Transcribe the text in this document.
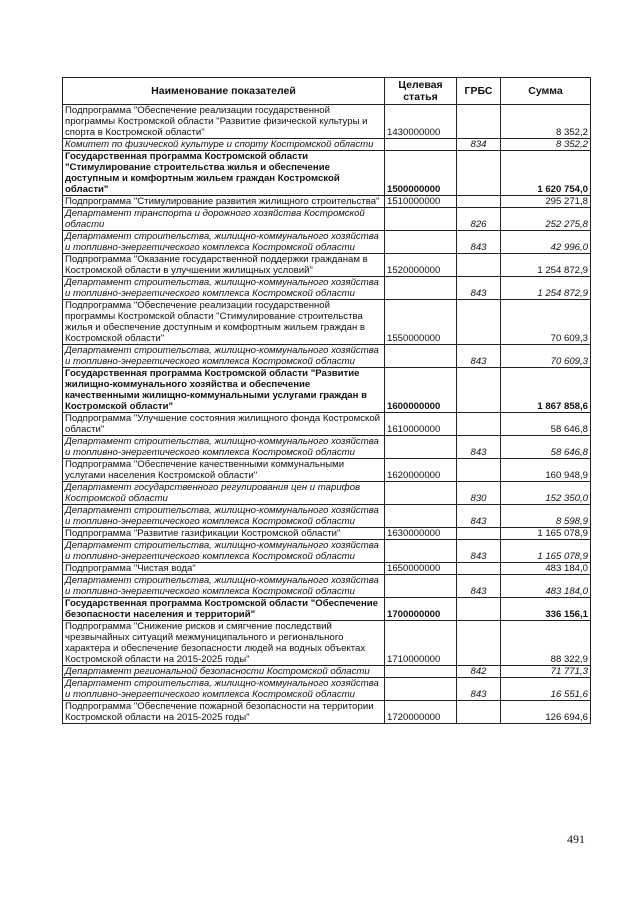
Наименование показателей	Целевая статья	ГРБС	Сумма
Подпрограмма "Обеспечение реализации государственной программы Костромской области "Развитие физической культуры и спорта в Костромской области"	1430000000		8 352,2
Комитет по физической культуре и спорту Костромской области		834	8 352,2
Государственная программа Костромской области "Стимулирование строительства жилья и обеспечение доступным и комфортным жильем граждан Костромской области"	1500000000		1 620 754,0
Подпрограмма "Стимулирование развития жилищного строительства"	1510000000		295 271,8
Департамент транспорта и дорожного хозяйства Костромской области		826	252 275,8
Департамент строительства, жилищно-коммунального хозяйства и топливно-энергетического комплекса Костромской области		843	42 996,0
Подпрограмма "Оказание государственной поддержки гражданам в Костромской области в улучшении жилищных условий"	1520000000		1 254 872,9
Департамент строительства, жилищно-коммунального хозяйства и топливно-энергетического комплекса Костромской области		843	1 254 872,9
Подпрограмма "Обеспечение реализации государственной программы Костромской области "Стимулирование строительства жилья и обеспечение доступным и комфортным жильем граждан в Костромской области"	1550000000		70 609,3
Департамент строительства, жилищно-коммунального хозяйства и топливно-энергетического комплекса Костромской области		843	70 609,3
Государственная программа Костромской области "Развитие жилищно-коммунального хозяйства и обеспечение качественными жилищно-коммунальными услугами граждан в Костромской области"	1600000000		1 867 858,6
Подпрограмма "Улучшение состояния жилищного фонда Костромской области"	1610000000		58 646,8
Департамент строительства, жилищно-коммунального хозяйства и топливно-энергетического комплекса Костромской области		843	58 646,8
Подпрограмма "Обеспечение качественными коммунальными услугами населения Костромской области"	1620000000		160 948,9
Департамент государственного регулирования цен и тарифов Костромской области		830	152 350,0
Департамент строительства, жилищно-коммунального хозяйства и топливно-энергетического комплекса Костромской области		843	8 598,9
Подпрограмма "Развитие газификации Костромской области"	1630000000		1 165 078,9
Департамент строительства, жилищно-коммунального хозяйства и топливно-энергетического комплекса Костромской области		843	1 165 078,9
Подпрограмма "Чистая вода"	1650000000		483 184,0
Департамент строительства, жилищно-коммунального хозяйства и топливно-энергетического комплекса Костромской области		843	483 184,0
Государственная программа Костромской области "Обеспечение безопасности населения и территорий"	1700000000		336 156,1
Подпрограмма "Снижение рисков и смягчение последствий чрезвычайных ситуаций межмуниципального и регионального характера и обеспечение безопасности людей на водных объектах Костромской области на 2015-2025 годы"	1710000000		88 322,9
Департамент региональной безопасности Костромской области		842	71 771,3
Департамент строительства, жилищно-коммунального хозяйства и топливно-энергетического комплекса Костромской области		843	16 551,6
Подпрограмма "Обеспечение пожарной безопасности на территории Костромской области на 2015-2025 годы"	1720000000		126 694,6
491
